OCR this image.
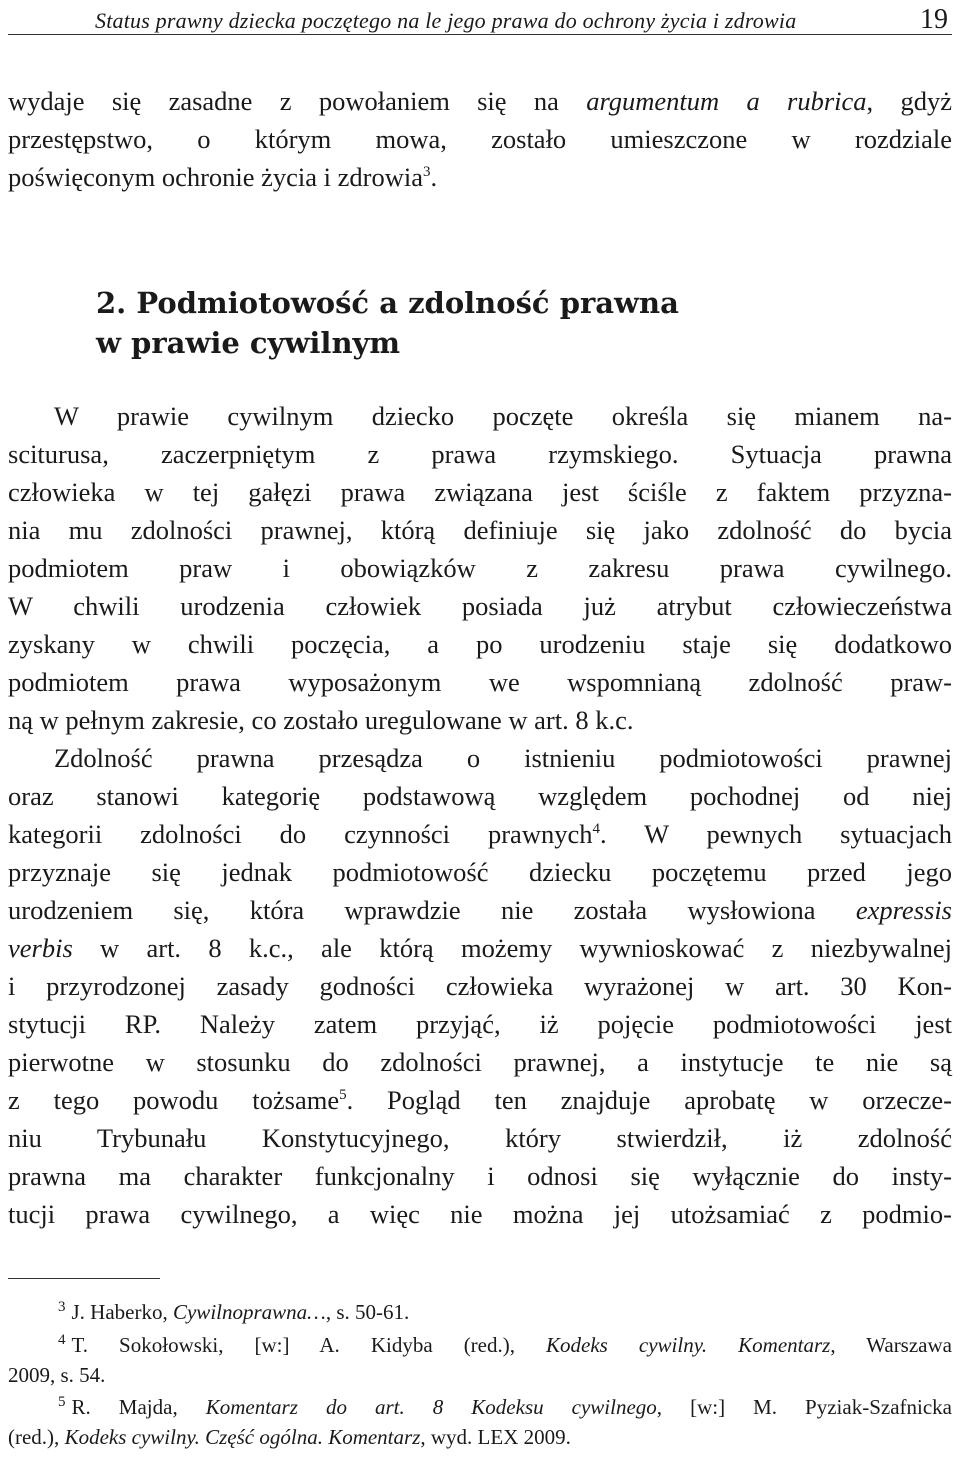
Status prawny dziecka poczętego na le jego prawa do ochrony życia i zdrowia	19
wydaje się zasadne z powołaniem się na argumentum a rubrica, gdyż
przestępstwo, o którym mowa, zostało umieszczone w rozdziale
poświęconym ochronie życia i zdrowia$^3$.
2. Podmiotowość a zdolność prawna
w prawie cywilnym
W prawie cywilnym dziecko poczęte określa się mianem na-
sciturusa, zaczerpniętym z prawa rzymskiego. Sytuacja prawna
człowieka w tej gałęzi prawa związana jest ściśle z faktem przyzna-
nia mu zdolności prawnej, którą definiuje się jako zdolność do bycia
podmiotem praw i obowiązków z zakresu prawa cywilnego.
W chwili urodzenia człowiek posiada już atrybut człowieczeństwa
zyskany w chwili poczęcia, a po urodzeniu staje się dodatkowo
podmiotem prawa wyposażonym we wspomnianą zdolność praw-
ną w pełnym zakresie, co zostało uregulowane w art. 8 k.c.
Zdolność prawna przesądza o istnieniu podmiotowości prawnej
oraz stanowi kategorię podstawową względem pochodnej od niej
kategorii zdolności do czynności prawnych$^4$. W pewnych sytuacjach
przyznaje się jednak podmiotowość dziecku poczętemu przed jego
urodzeniem się, która wprawdzie nie została wysłowiona expressis
verbis w art. 8 k.c., ale którą możemy wywnioskować z niezbywalnej
i przyrodzonej zasady godności człowieka wyrażonej w art. 30 Kon-
stytucji RP. Należy zatem przyjąć, iż pojęcie podmiotowości jest
pierwotne w stosunku do zdolności prawnej, a instytucje te nie są
z tego powodu tożsame$^5$. Pogląd ten znajduje aprobatę w orzecze-
niu Trybunału Konstytucyjnego, który stwierdził, iż zdolność
prawna ma charakter funkcjonalny i odnosi się wyłącznie do insty-
tucji prawa cywilnego, a więc nie można jej utożsamiać z podmio-
$^3$ J. Haberko, Cywilnoprawna…, s. 50-61.
$^4$ T. Sokołowski, [w:] A. Kidyba (red.), Kodeks cywilny. Komentarz, Warszawa
2009, s. 54.
$^5$ R. Majda, Komentarz do art. 8 Kodeksu cywilnego, [w:] M. Pyziak-Szafnicka
(red.), Kodeks cywilny. Część ogólna. Komentarz, wyd. LEX 2009.
